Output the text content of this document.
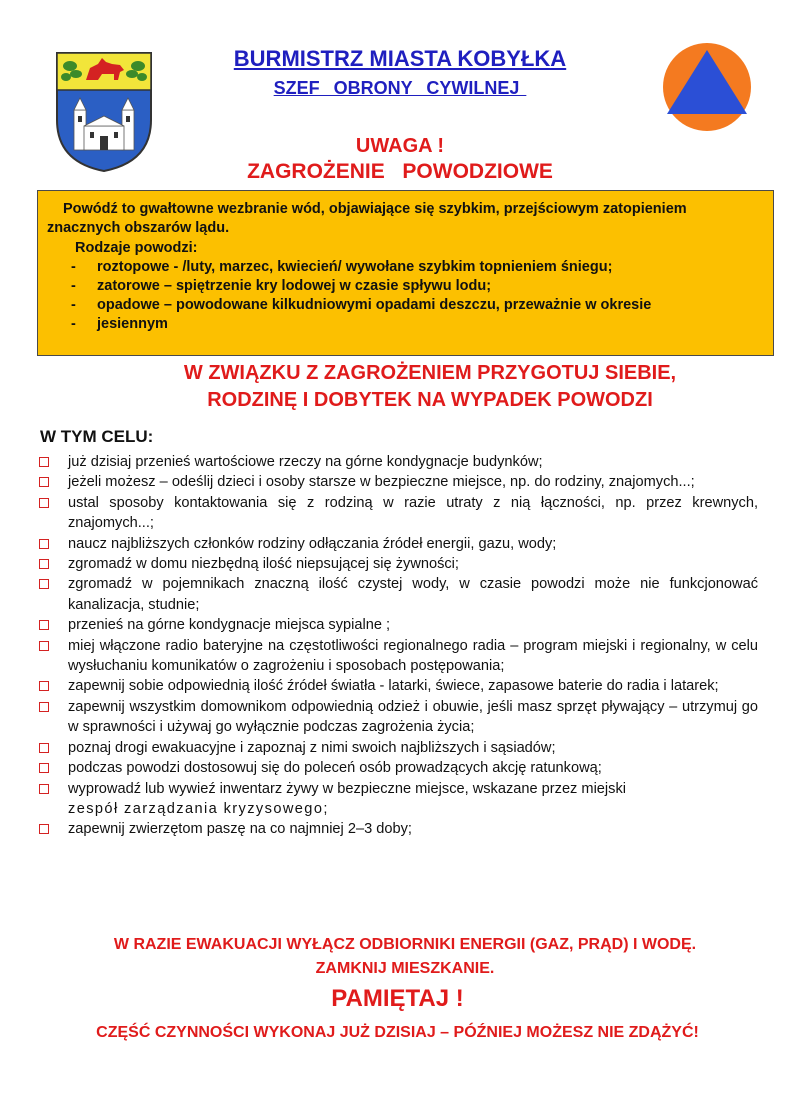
BURMISTRZ MIASTA KOBYŁKA
SZEF  OBRONY  CYWILNEJ
UWAGA !
ZAGROŻENIE  POWODZIOWE

Powódź to gwałtowne wezbranie wód, objawiające się szybkim, przejściowym zatopieniem znacznych obszarów lądu.

Rodzaje powodzi:
- roztopowe - /luty, marzec, kwiecień/ wywołane szybkim topnieniem śniegu;
- zatorowe – spiętrzenie kry lodowej w czasie spływu lodu;
- opadowe – powodowane kilkudniowymi opadami deszczu, przeważnie w okresie
- jesiennym
W ZWIĄZKU Z ZAGROŻENIEM PRZYGOTUJ SIEBIE,
RODZINĘ I DOBYTEK NA WYPADEK POWODZI
W TYM CELU:
już dzisiaj przenieś wartościowe rzeczy na górne kondygnacje budynków;
jeżeli możesz – odeślij dzieci i osoby starsze w bezpieczne miejsce, np. do rodziny, znajomych...;
ustal sposoby kontaktowania się z rodziną w razie utraty z nią łączności, np. przez krewnych, znajomych...;
naucz najbliższych członków rodziny odłączania źródeł energii, gazu, wody;
zgromadź w domu niezbędną ilość niepsującej się żywności;
zgromadź w pojemnikach znaczną ilość czystej wody, w czasie powodzi może nie funkcjonować kanalizacja, studnie;
przenieś na górne kondygnacje miejsca sypialne ;
miej włączone radio bateryjne na częstotliwości regionalnego radia – program miejski i regionalny, w celu wysłuchaniu komunikatów o zagrożeniu i sposobach postępowania;
zapewnij sobie odpowiednią ilość źródeł światła - latarki, świece, zapasowe baterie do radia i latarek;
zapewnij wszystkim domownikom odpowiednią odzież i obuwie, jeśli masz sprzęt pływający – utrzymuj go w sprawności i używaj go wyłącznie podczas zagrożenia życia;
poznaj drogi ewakuacyjne i zapoznaj z nimi swoich najbliższych i sąsiadów;
podczas powodzi dostosowuj się do poleceń osób prowadzących akcję ratunkową;
wyprowadź lub wywieź inwentarz żywy w bezpieczne miejsce, wskazane przez miejski
zespół zarządzania kryzysowego;
zapewnij zwierzętom paszę na co najmniej 2–3 doby;
W RAZIE EWAKUACJI WYŁĄCZ ODBIORNIKI ENERGII (GAZ, PRĄD) I WODĘ.
ZAMKNIJ MIESZKANIE.
PAMIĘTAJ !
CZĘŚĆ CZYNNOŚCI WYKONAJ JUŻ DZISIAJ – PÓŹNIEJ MOŻESZ NIE ZDĄŻYĆ!
